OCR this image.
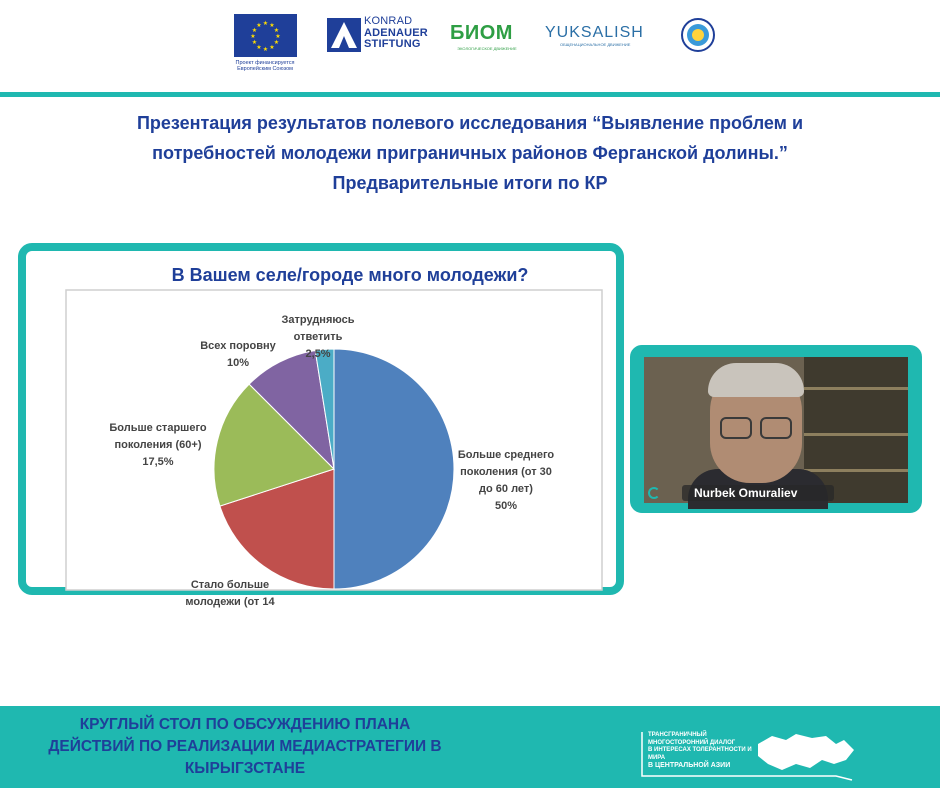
★ ★
★
★
★
★
★
★
★
★
★
★
Проект финансируется Европейским Союзом
KONRAD
ADENAUER
STIFTUNG	БИОМ
ЭКОЛОГИЧЕСКОЕ ДВИЖЕНИЕ
YUKSALISH
ОБЩЕНАЦИОНАЛЬНОЕ ДВИЖЕНИЕ
Презентация результатов полевого исследования “Выявление проблем и
потребностей молодежи приграничных районов Ферганской долины.”
Предварительные итоги по КР
В Вашем селе/городе много молодежи?
Больше среднего
поколения (от 30
до 60 лет)
50%
Стало больше
молодежи (от 14
Больше старшего
поколения (60+)
17,5%
Всех поровну
10%
Затрудняюсь
ответить
2,5%
Nurbek Omuraliev
КРУГЛЫЙ СТОЛ ПО ОБСУЖДЕНИЮ ПЛАНА
ДЕЙСТВИЙ ПО РЕАЛИЗАЦИИ МЕДИАСТРАТЕГИИ В
КЫРЫГЗСТАНЕ
ТРАНСГРАНИЧНЫЙ
МНОГОСТОРОННИЙ ДИАЛОГ
В ИНТЕРЕСАХ ТОЛЕРАНТНОСТИ И МИРА
В ЦЕНТРАЛЬНОЙ АЗИИ
